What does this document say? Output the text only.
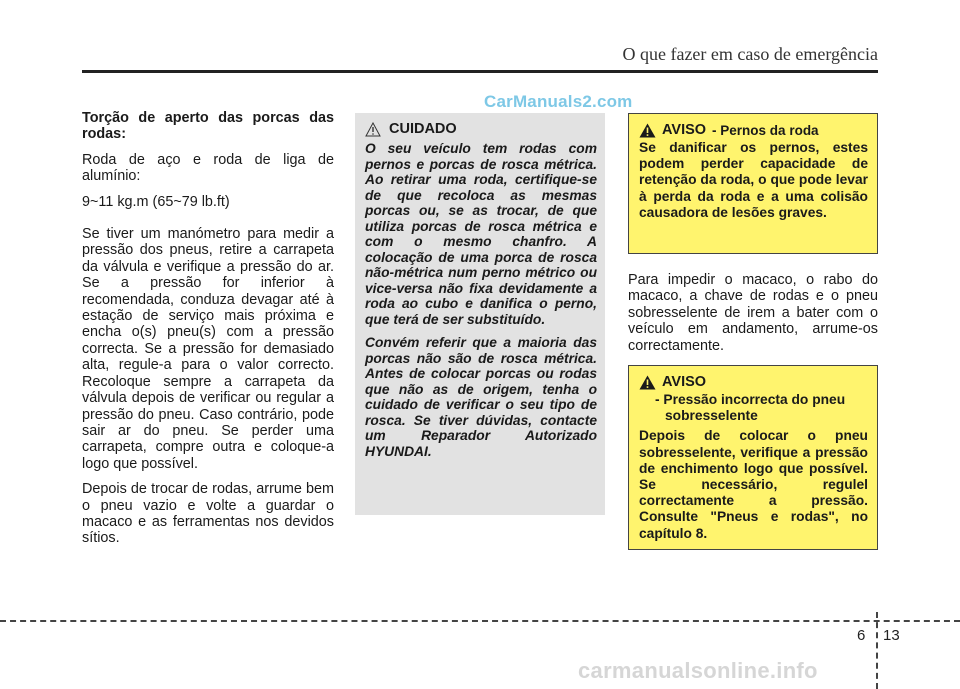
O que fazer em caso de emergência
CarManuals2.com

Torção de aperto das porcas das rodas:

Roda de aço e roda de liga de alumínio:

9~11 kg.m (65~79 lb.ft)

Se tiver um manómetro para medir a pressão dos pneus, retire a carrapeta da válvula e verifique a pressão do ar. Se a pressão for inferior à recomendada, conduza devagar até à estação de serviço mais próxima e encha o(s) pneu(s) com a pressão correcta. Se a pressão for demasiado alta, regule-a para o valor correcto. Recoloque sempre a carrapeta da válvula depois de verificar ou regular a pressão do pneu. Caso contrário, pode sair ar do pneu. Se perder uma carrapeta, compre outra e coloque-a logo que possível.

Depois de trocar de rodas, arrume bem o pneu vazio e volte a guardar o macaco e as ferramentas nos devidos sítios.

CUIDADO

O seu veículo tem rodas com pernos e porcas de rosca métrica. Ao retirar uma roda, certifique-se de que recoloca as mesmas porcas ou, se as trocar, de que utiliza porcas de rosca métrica e com o mesmo chanfro. A colocação de uma porca de rosca não-métrica num perno métrico ou vice-versa não fixa devidamente a roda ao cubo e danifica o perno, que terá de ser substituído.

Convém referir que a maioria das porcas não são de rosca métrica. Antes de colocar porcas ou rodas que não as de origem, tenha o cuidado de verificar o seu tipo de rosca. Se tiver dúvidas, contacte um Reparador Autorizado HYUNDAI.

AVISO - Pernos da roda

Se danificar os pernos, estes podem perder capacidade de retenção da roda, o que pode levar à perda da roda e a uma colisão causadora de lesões graves.

Para impedir o macaco, o rabo do macaco, a chave de rodas e o pneu sobresselente de irem a bater com o veículo em andamento, arrume-os correctamente.

AVISO
- Pressão incorrecta do pneu sobresselente

Depois de colocar o pneu sobresselente, verifique a pressão de enchimento logo que possível. Se necessário, regulel correctamente a pressão. Consulte "Pneus e rodas", no capítulo 8.

6 13
carmanualsonline.info
